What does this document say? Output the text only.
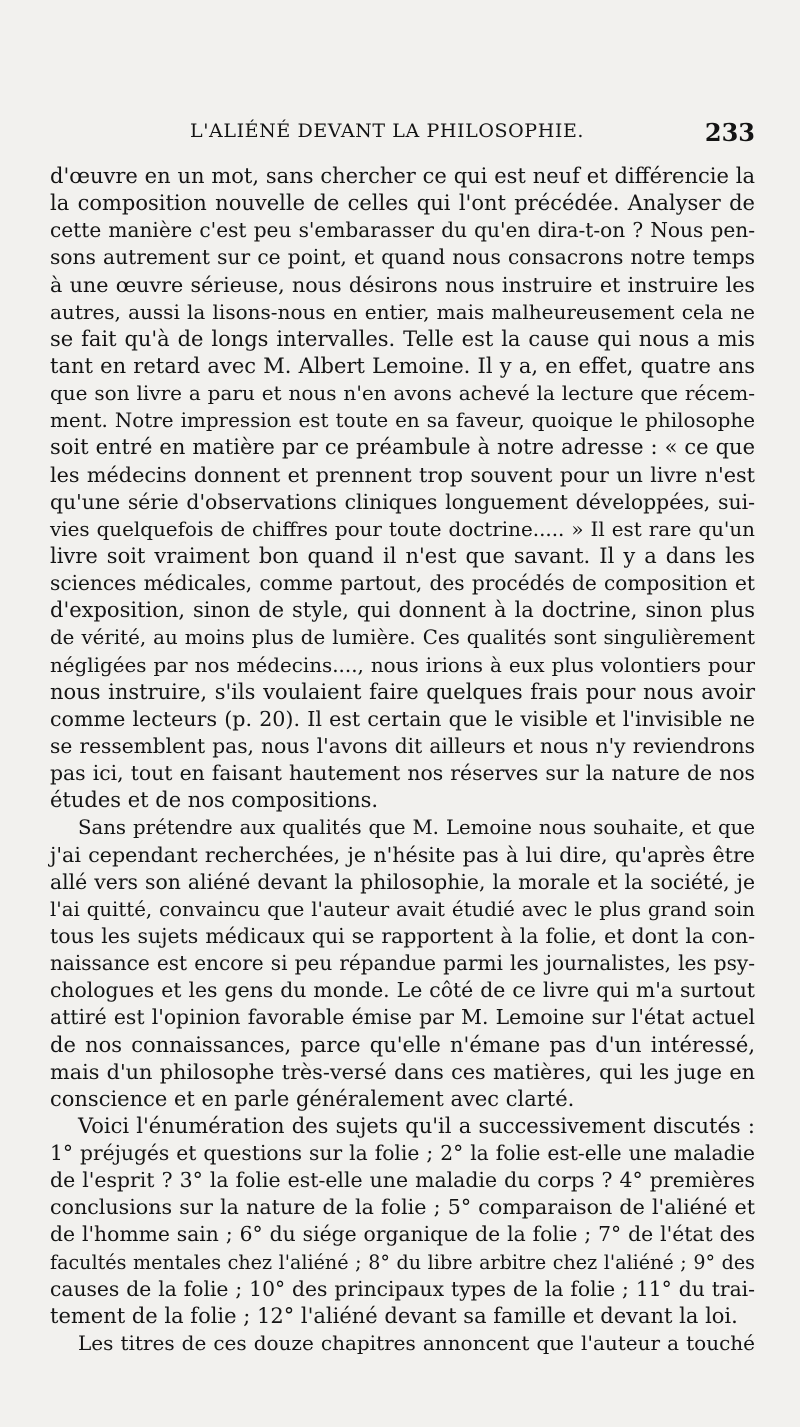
L'ALIÉNÉ DEVANT LA PHILOSOPHIE.	233
d'œuvre en un mot, sans chercher ce qui est neuf et différencie la
la composition nouvelle de celles qui l'ont précédée. Analyser de
cette manière c'est peu s'embarasser du qu'en dira-t-on ? Nous pen-
sons autrement sur ce point, et quand nous consacrons notre temps
à une œuvre sérieuse, nous désirons nous instruire et instruire les
autres, aussi la lisons-nous en entier, mais malheureusement cela ne
se fait qu'à de longs intervalles. Telle est la cause qui nous a mis
tant en retard avec M. Albert Lemoine. Il y a, en effet, quatre ans
que son livre a paru et nous n'en avons achevé la lecture que récem-
ment. Notre impression est toute en sa faveur, quoique le philosophe
soit entré en matière par ce préambule à notre adresse : « ce que
les médecins donnent et prennent trop souvent pour un livre n'est
qu'une série d'observations cliniques longuement développées, sui-
vies quelquefois de chiffres pour toute doctrine..... » Il est rare qu'un
livre soit vraiment bon quand il n'est que savant. Il y a dans les
sciences médicales, comme partout, des procédés de composition et
d'exposition, sinon de style, qui donnent à la doctrine, sinon plus
de vérité, au moins plus de lumière. Ces qualités sont singulièrement
négligées par nos médecins...., nous irions à eux plus volontiers pour
nous instruire, s'ils voulaient faire quelques frais pour nous avoir
comme lecteurs (p. 20). Il est certain que le visible et l'invisible ne
se ressemblent pas, nous l'avons dit ailleurs et nous n'y reviendrons
pas ici, tout en faisant hautement nos réserves sur la nature de nos
études et de nos compositions.
Sans prétendre aux qualités que M. Lemoine nous souhaite, et que
j'ai cependant recherchées, je n'hésite pas à lui dire, qu'après être
allé vers son aliéné devant la philosophie, la morale et la société, je
l'ai quitté, convaincu que l'auteur avait étudié avec le plus grand soin
tous les sujets médicaux qui se rapportent à la folie, et dont la con-
naissance est encore si peu répandue parmi les journalistes, les psy-
chologues et les gens du monde. Le côté de ce livre qui m'a surtout
attiré est l'opinion favorable émise par M. Lemoine sur l'état actuel
de nos connaissances, parce qu'elle n'émane pas d'un intéressé,
mais d'un philosophe très-versé dans ces matières, qui les juge en
conscience et en parle généralement avec clarté.
Voici l'énumération des sujets qu'il a successivement discutés :
1° préjugés et questions sur la folie ; 2° la folie est-elle une maladie
de l'esprit ? 3° la folie est-elle une maladie du corps ? 4° premières
conclusions sur la nature de la folie ; 5° comparaison de l'aliéné et
de l'homme sain ; 6° du siége organique de la folie ; 7° de l'état des
facultés mentales chez l'aliéné ; 8° du libre arbitre chez l'aliéné ; 9° des
causes de la folie ; 10° des principaux types de la folie ; 11° du trai-
tement de la folie ; 12° l'aliéné devant sa famille et devant la loi.
Les titres de ces douze chapitres annoncent que l'auteur a touché
